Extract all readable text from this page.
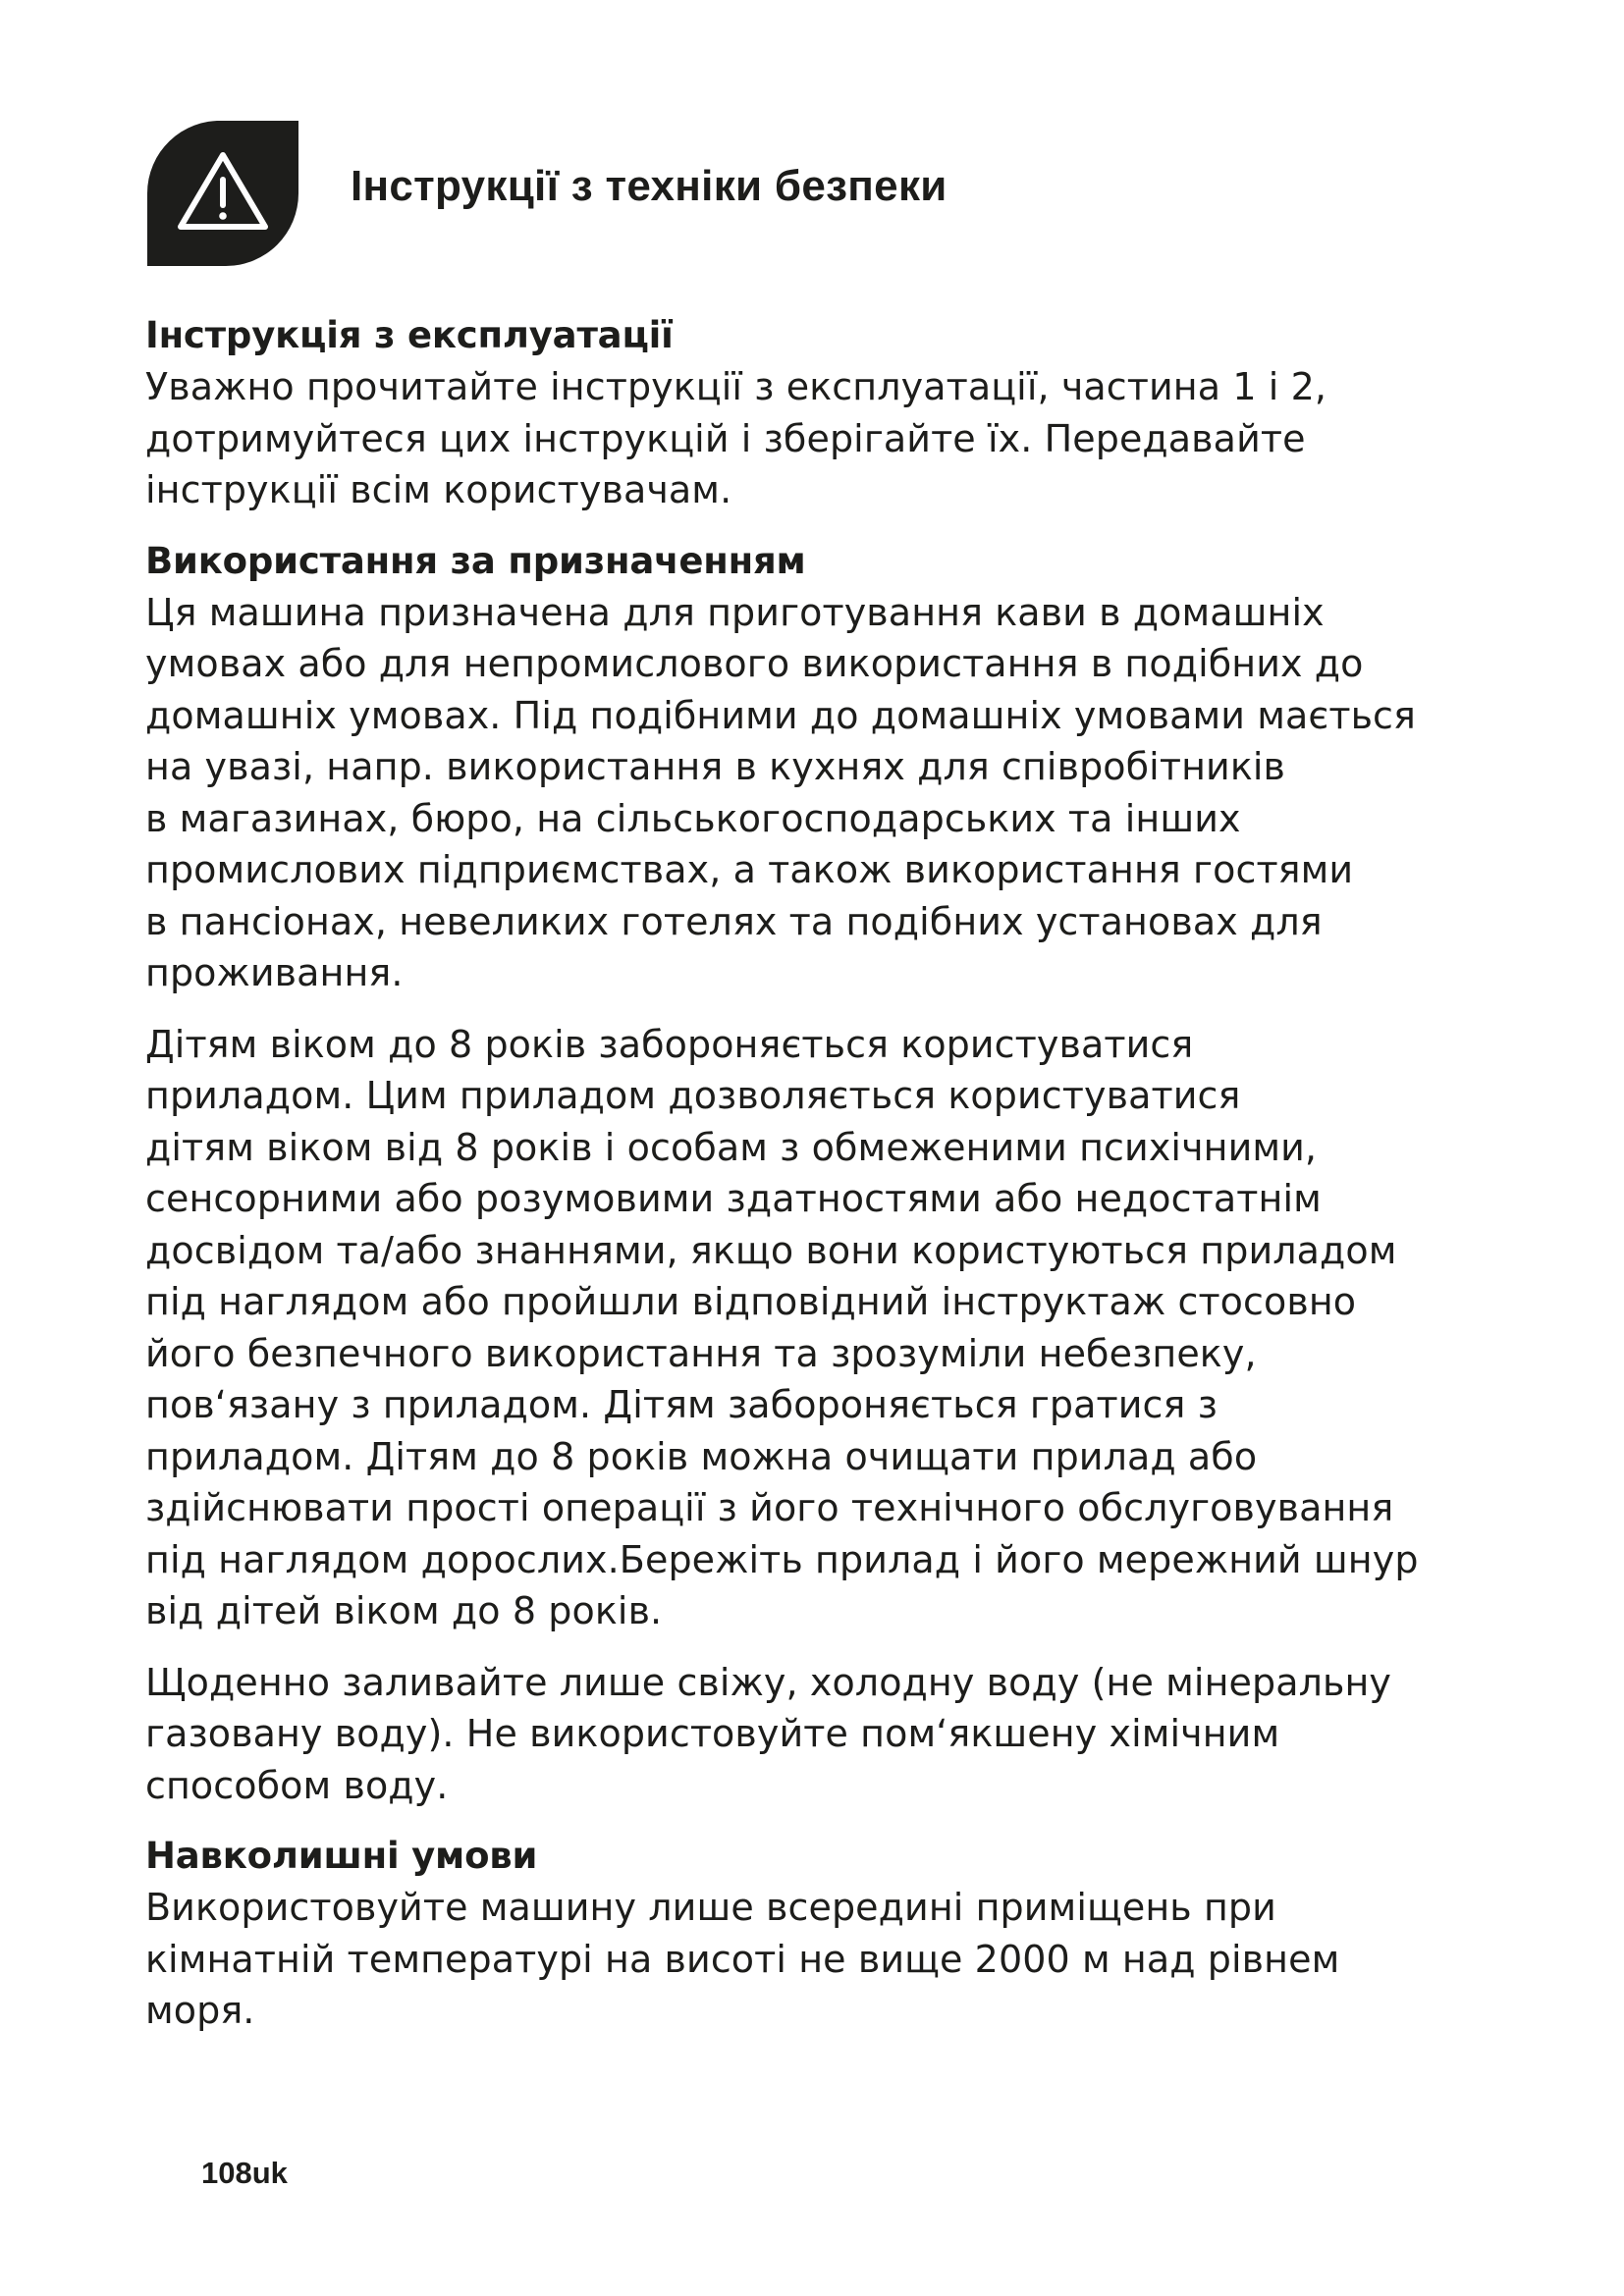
Інструкції з техніки безпеки
Інструкція з експлуатації

Уважно прочитайте інструкції з експлуатації, частина 1 і 2,
дотримуйтеся цих інструкцій і зберігайте їх. Передавайте
інструкції всім користувачам.

Використання за призначенням

Ця машина призначена для приготування кави в домашніх
умовах або для непромислового використання в подібних до
домашніх умовах. Під подібними до домашніх умовами мається
на увазі, напр. використання в кухнях для співробітників
в магазинах, бюро, на сільськогосподарських та інших
промислових підприємствах, а також використання гостями
в пансіонах, невеликих готелях та подібних установах для
проживання.

Дітям віком до 8 років забороняється користуватися
приладом. Цим приладом дозволяється користуватися
дітям віком від 8 років і особам з обмеженими психічними,
сенсорними або розумовими здатностями або недостатнім
досвідом та/або знаннями, якщо вони користуються приладом
під наглядом або пройшли відповідний інструктаж стосовно
його безпечного використання та зрозуміли небезпеку,
пов‘язану з приладом. Дітям забороняється гратися з
приладом. Дітям до 8 років можна очищати прилад або
здійснювати прості операції з його технічного обслуговування
під наглядом дорослих.Бережіть прилад і його мережний шнур
від дітей віком до 8 років.

Щоденно заливайте лише свіжу, холодну воду (не мінеральну
газовану воду). Не використовуйте пом‘якшену хімічним
способом воду.

Навколишні умови

Використовуйте машину лише всередині приміщень при
кімнатній температурі на висоті не вище 2000 м над рівнем
моря.

108uk
